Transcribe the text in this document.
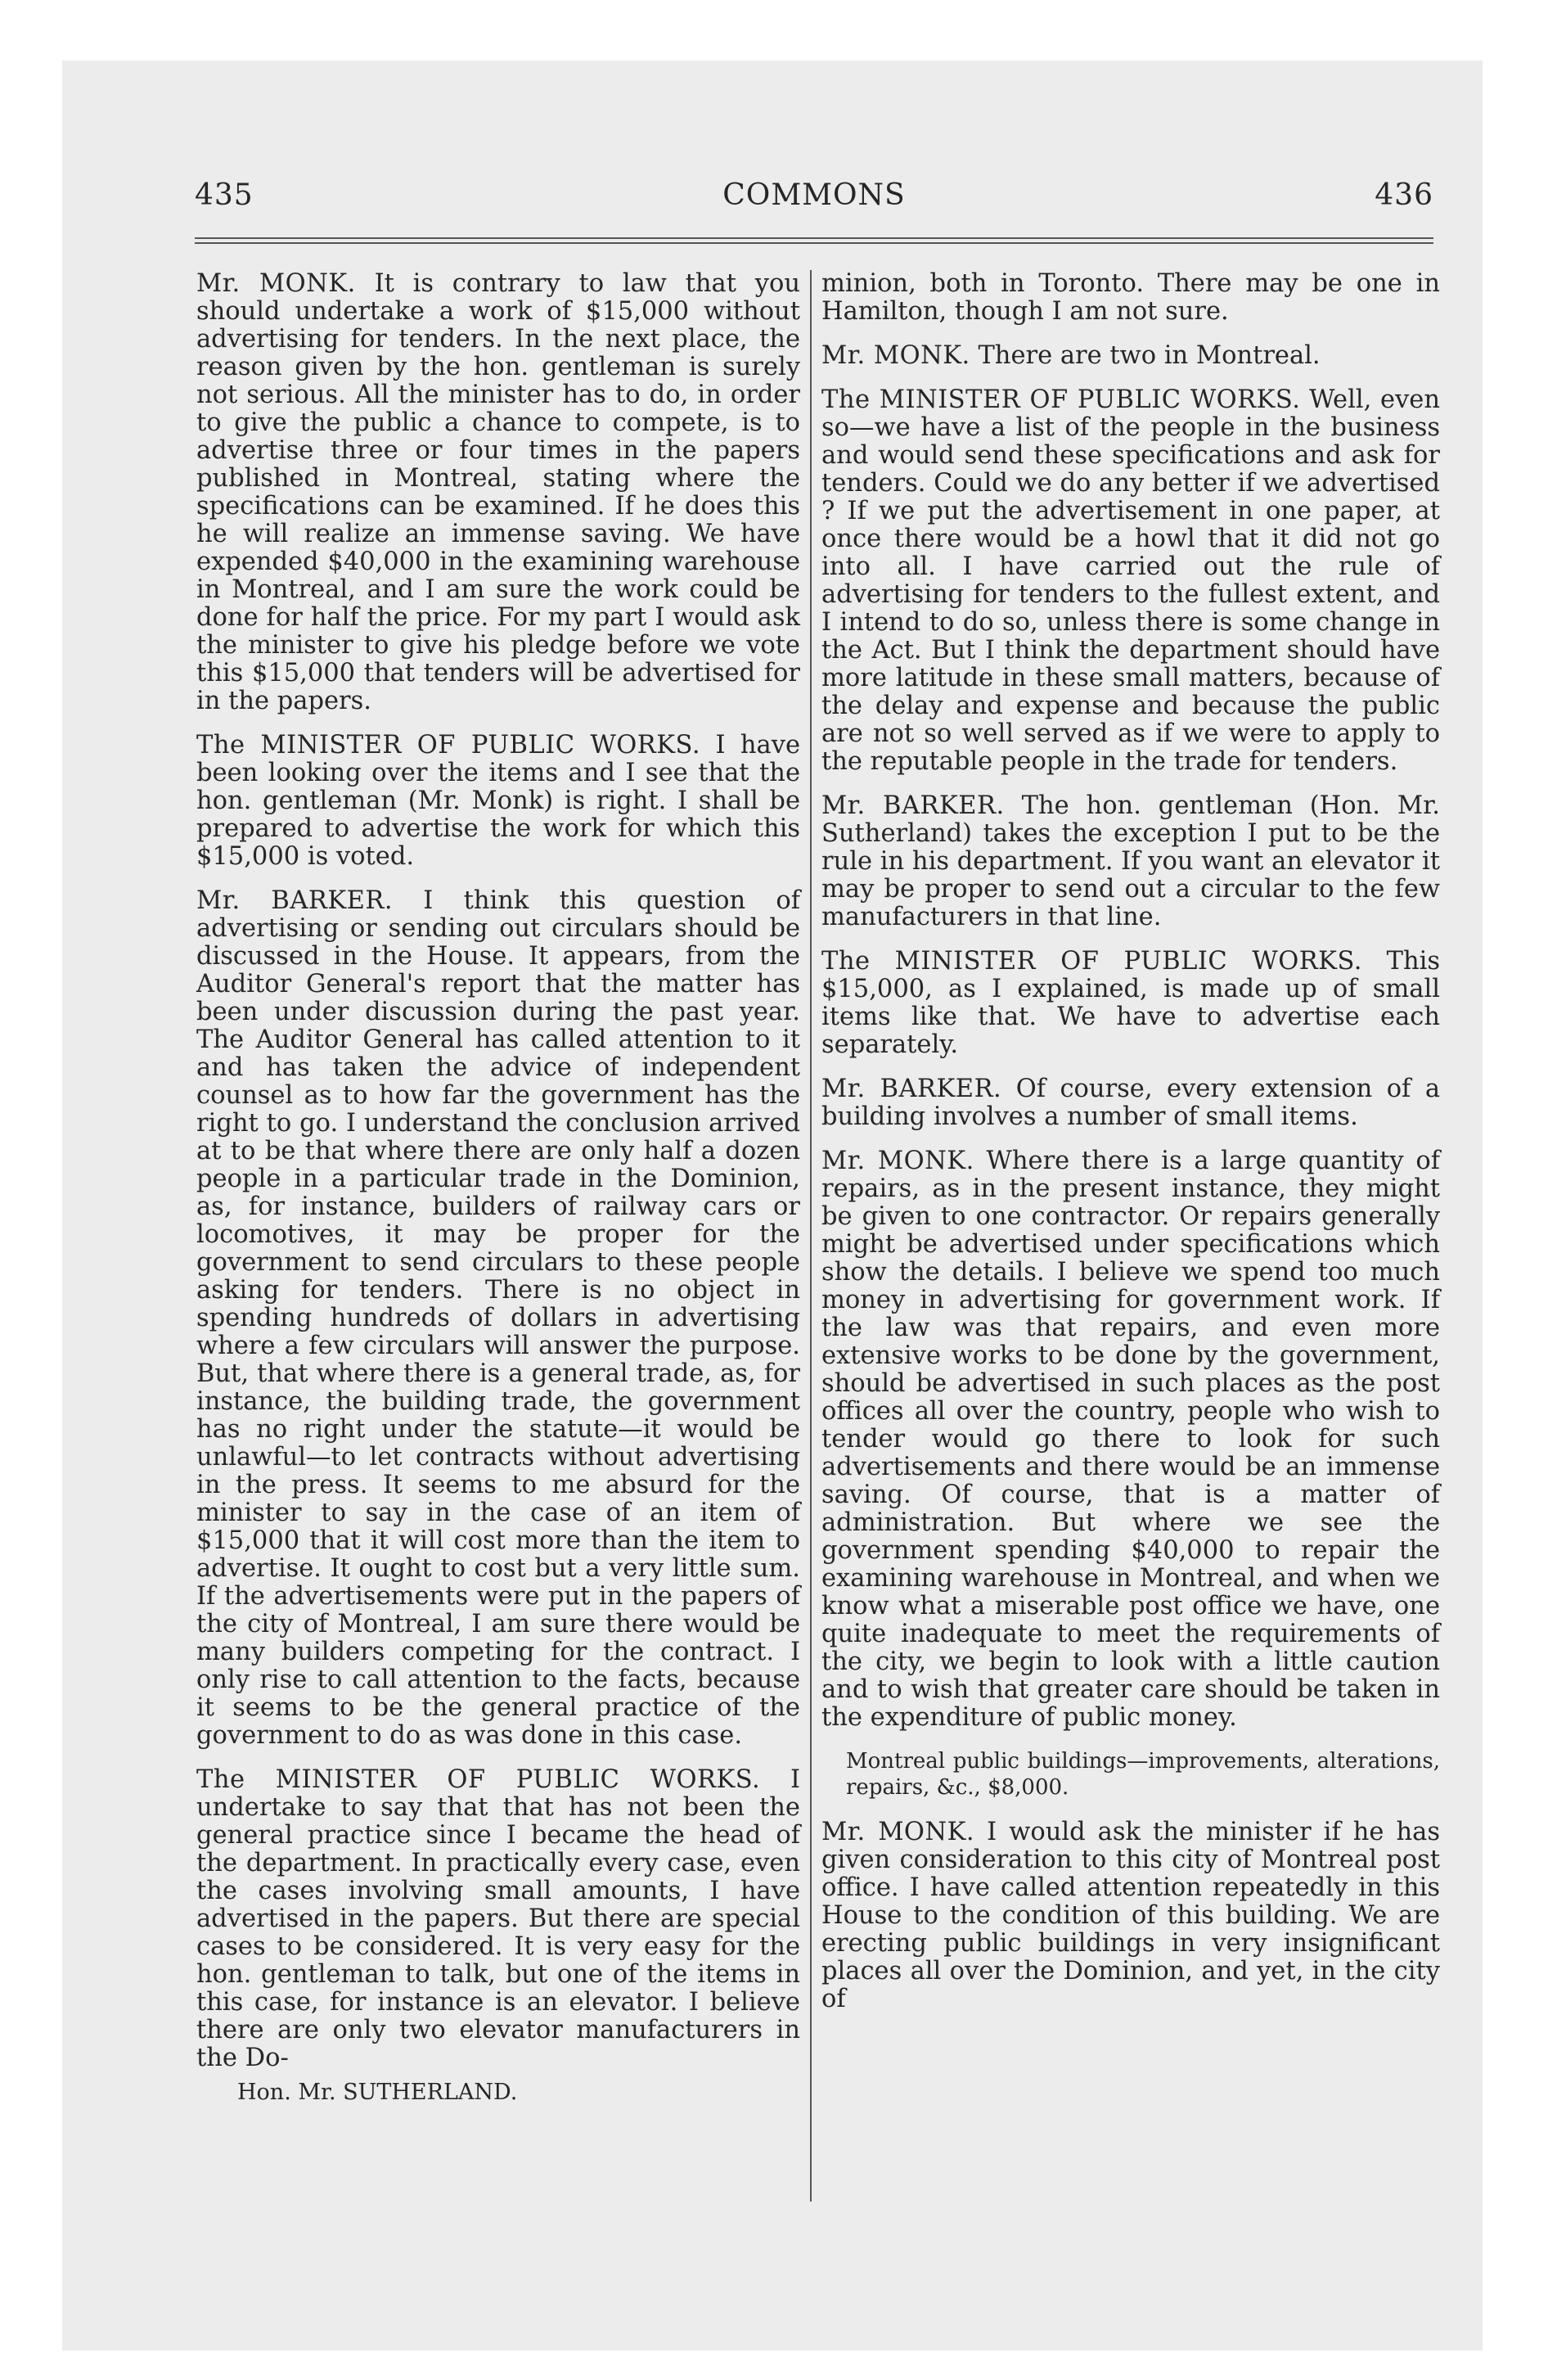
435	COMMONS	436

Mr. MONK. It is contrary to law that you should undertake a work of $15,000 without advertising for tenders. In the next place, the reason given by the hon. gentleman is surely not serious. All the minister has to do, in order to give the public a chance to compete, is to advertise three or four times in the papers published in Montreal, stating where the specifications can be examined. If he does this he will realize an immense saving. We have expended $40,000 in the examining warehouse in Montreal, and I am sure the work could be done for half the price. For my part I would ask the minister to give his pledge before we vote this $15,000 that tenders will be advertised for in the papers.

The MINISTER OF PUBLIC WORKS. I have been looking over the items and I see that the hon. gentleman (Mr. Monk) is right. I shall be prepared to advertise the work for which this $15,000 is voted.

Mr. BARKER. I think this question of advertising or sending out circulars should be discussed in the House. It appears, from the Auditor General's report that the matter has been under discussion during the past year. The Auditor General has called attention to it and has taken the advice of independent counsel as to how far the government has the right to go. I understand the conclusion arrived at to be that where there are only half a dozen people in a particular trade in the Dominion, as, for instance, builders of railway cars or locomotives, it may be proper for the government to send circulars to these people asking for tenders. There is no object in spending hundreds of dollars in advertising where a few circulars will answer the purpose. But, that where there is a general trade, as, for instance, the building trade, the government has no right under the statute—it would be unlawful—to let contracts without advertising in the press. It seems to me absurd for the minister to say in the case of an item of $15,000 that it will cost more than the item to advertise. It ought to cost but a very little sum. If the advertisements were put in the papers of the city of Montreal, I am sure there would be many builders competing for the contract. I only rise to call attention to the facts, because it seems to be the general practice of the government to do as was done in this case.

The MINISTER OF PUBLIC WORKS. I undertake to say that that has not been the general practice since I became the head of the department. In practically every case, even the cases involving small amounts, I have advertised in the papers. But there are special cases to be considered. It is very easy for the hon. gentleman to talk, but one of the items in this case, for instance is an elevator. I believe there are only two elevator manufacturers in the Do-

Hon. Mr. SUTHERLAND.

minion, both in Toronto. There may be one in Hamilton, though I am not sure.

Mr. MONK. There are two in Montreal.

The MINISTER OF PUBLIC WORKS. Well, even so—we have a list of the people in the business and would send these specifications and ask for tenders. Could we do any better if we advertised ? If we put the advertisement in one paper, at once there would be a howl that it did not go into all. I have carried out the rule of advertising for tenders to the fullest extent, and I intend to do so, unless there is some change in the Act. But I think the department should have more latitude in these small matters, because of the delay and expense and because the public are not so well served as if we were to apply to the reputable people in the trade for tenders.

Mr. BARKER. The hon. gentleman (Hon. Mr. Sutherland) takes the exception I put to be the rule in his department. If you want an elevator it may be proper to send out a circular to the few manufacturers in that line.

The MINISTER OF PUBLIC WORKS. This $15,000, as I explained, is made up of small items like that. We have to advertise each separately.

Mr. BARKER. Of course, every extension of a building involves a number of small items.

Mr. MONK. Where there is a large quantity of repairs, as in the present instance, they might be given to one contractor. Or repairs generally might be advertised under specifications which show the details. I believe we spend too much money in advertising for government work. If the law was that repairs, and even more extensive works to be done by the government, should be advertised in such places as the post offices all over the country, people who wish to tender would go there to look for such advertisements and there would be an immense saving. Of course, that is a matter of administration. But where we see the government spending $40,000 to repair the examining warehouse in Montreal, and when we know what a miserable post office we have, one quite inadequate to meet the requirements of the city, we begin to look with a little caution and to wish that greater care should be taken in the expenditure of public money.

Montreal public buildings—improvements, alterations, repairs, &c., $8,000.

Mr. MONK. I would ask the minister if he has given consideration to this city of Montreal post office. I have called attention repeatedly in this House to the condition of this building. We are erecting public buildings in very insignificant places all over the Dominion, and yet, in the city of
